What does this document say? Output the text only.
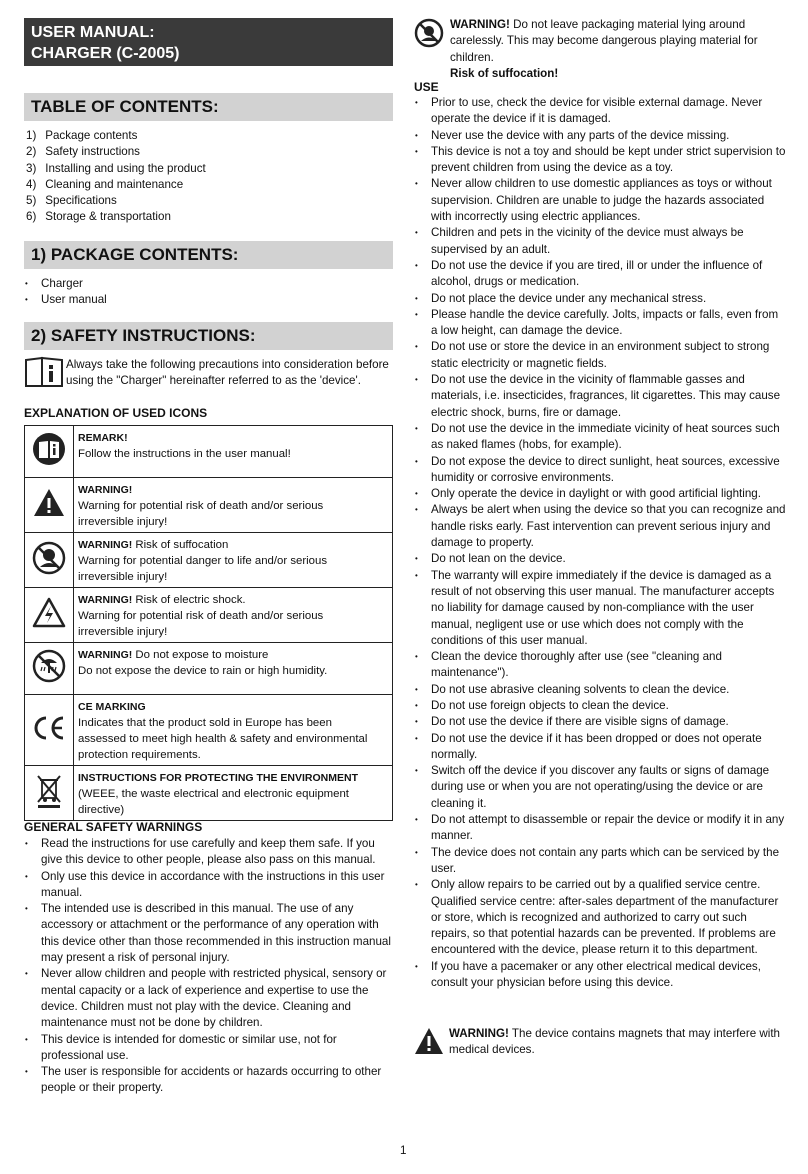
USER MANUAL:
CHARGER (C-2005)
TABLE OF CONTENTS:
1) Package contents
2) Safety instructions
3) Installing and using the product
4) Cleaning and maintenance
5) Specifications
6) Storage & transportation
1) PACKAGE CONTENTS:
• Charger
• User manual
2) SAFETY INSTRUCTIONS:
Always take the following precautions into consideration before using the "Charger" hereinafter referred to as the 'device'.
EXPLANATION OF USED ICONS

REMARK!
Follow the instructions in the user manual!

WARNING!
Warning for potential risk of death and/or serious
irreversible injury!

WARNING! Risk of suffocation
Warning for potential danger to life and/or serious
irreversible injury!

WARNING! Risk of electric shock.
Warning for potential risk of death and/or serious
irreversible injury!

WARNING! Do not expose to moisture
Do not expose the device to rain or high humidity.

CE MARKING
Indicates that the product sold in Europe has been
assessed to meet high health & safety and environmental
protection requirements.

INSTRUCTIONS FOR PROTECTING THE ENVIRONMENT
(WEEE, the waste electrical and electronic equipment directive)
GENERAL SAFETY WARNINGS
• Read the instructions for use carefully and keep them safe. If you give this device to other people, please also pass on this manual.
• Only use this device in accordance with the instructions in this user manual.
• The intended use is described in this manual. The use of any accessory or attachment or the performance of any operation with this device other than those recommended in this instruction manual may present a risk of personal injury.
• Never allow children and people with restricted physical, sensory or mental capacity or a lack of experience and expertise to use the device. Children must not play with the device. Cleaning and maintenance must not be done by children.
• This device is intended for domestic or similar use, not for professional use.
• The user is responsible for accidents or hazards occurring to other people or their property.
WARNING! Do not leave packaging material lying around carelessly. This may become dangerous playing material for children.
Risk of suffocation!
USE
• Prior to use, check the device for visible external damage. Never operate the device if it is damaged.
• Never use the device with any parts of the device missing.
• This device is not a toy and should be kept under strict supervision to prevent children from using the device as a toy.
• Never allow children to use domestic appliances as toys or without supervision. Children are unable to judge the hazards associated with incorrectly using electric appliances.
• Children and pets in the vicinity of the device must always be supervised by an adult.
• Do not use the device if you are tired, ill or under the influence of alcohol, drugs or medication.
• Do not place the device under any mechanical stress.
• Please handle the device carefully. Jolts, impacts or falls, even from a low height, can damage the device.
• Do not use or store the device in an environment subject to strong static electricity or magnetic fields.
• Do not use the device in the vicinity of flammable gasses and materials, i.e. insecticides, fragrances, lit cigarettes. This may cause electric shock, burns, fire or damage.
• Do not use the device in the immediate vicinity of heat sources such as naked flames (hobs, for example).
• Do not expose the device to direct sunlight, heat sources, excessive humidity or corrosive environments.
• Only operate the device in daylight or with good artificial lighting.
• Always be alert when using the device so that you can recognize and handle risks early. Fast intervention can prevent serious injury and damage to property.
• Do not lean on the device.
• The warranty will expire immediately if the device is damaged as a result of not observing this user manual. The manufacturer accepts no liability for damage caused by non-compliance with the user manual, negligent use or use which does not comply with the conditions of this user manual.
• Clean the device thoroughly after use (see "cleaning and maintenance").
• Do not use abrasive cleaning solvents to clean the device.
• Do not use foreign objects to clean the device.
• Do not use the device if there are visible signs of damage.
• Do not use the device if it has been dropped or does not operate normally.
• Switch off the device if you discover any faults or signs of damage during use or when you are not operating/using the device or are cleaning it.
• Do not attempt to disassemble or repair the device or modify it in any manner.
• The device does not contain any parts which can be serviced by the user.
• Only allow repairs to be carried out by a qualified service centre. Qualified service centre: after-sales department of the manufacturer or store, which is recognized and authorized to carry out such repairs, so that potential hazards can be prevented. If problems are encountered with the device, please return it to this department.
• If you have a pacemaker or any other electrical medical devices, consult your physician before using this device.
WARNING! The device contains magnets that may interfere with medical devices.
1
